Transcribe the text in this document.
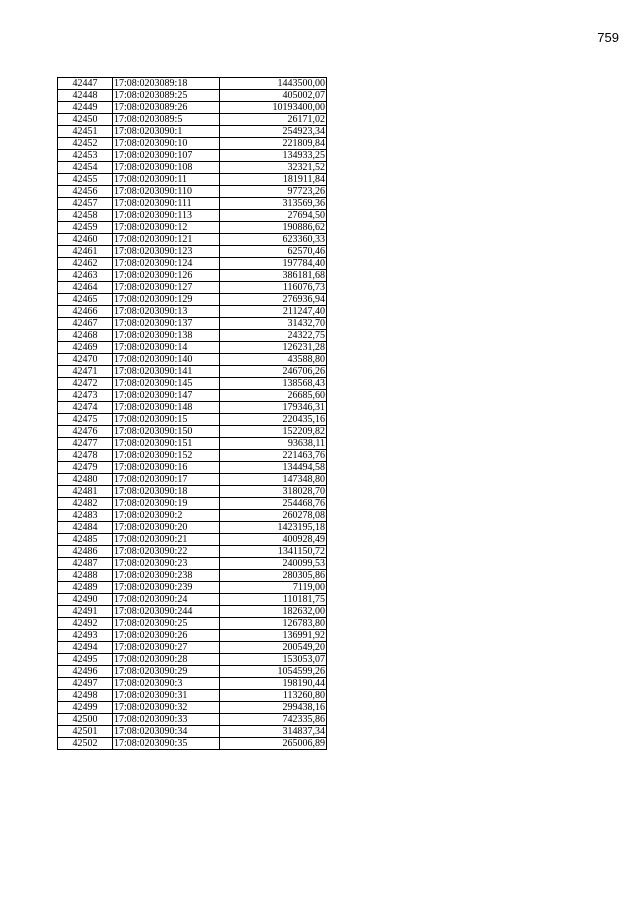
759
42447	17:08:0203089:18	1443500,00
42448	17:08:0203089:25	405002,07
42449	17:08:0203089:26	10193400,00
42450	17:08:0203089:5	26171,02
42451	17:08:0203090:1	254923,34
42452	17:08:0203090:10	221809,84
42453	17:08:0203090:107	134933,25
42454	17:08:0203090:108	32321,52
42455	17:08:0203090:11	181911,84
42456	17:08:0203090:110	97723,26
42457	17:08:0203090:111	313569,36
42458	17:08:0203090:113	27694,50
42459	17:08:0203090:12	190886,62
42460	17:08:0203090:121	623360,33
42461	17:08:0203090:123	62570,46
42462	17:08:0203090:124	197784,40
42463	17:08:0203090:126	386181,68
42464	17:08:0203090:127	116076,73
42465	17:08:0203090:129	276936,94
42466	17:08:0203090:13	211247,40
42467	17:08:0203090:137	31432,70
42468	17:08:0203090:138	24322,75
42469	17:08:0203090:14	126231,28
42470	17:08:0203090:140	43588,80
42471	17:08:0203090:141	246706,26
42472	17:08:0203090:145	138568,43
42473	17:08:0203090:147	26685,60
42474	17:08:0203090:148	179346,31
42475	17:08:0203090:15	220435,16
42476	17:08:0203090:150	152209,82
42477	17:08:0203090:151	93638,11
42478	17:08:0203090:152	221463,76
42479	17:08:0203090:16	134494,58
42480	17:08:0203090:17	147348,80
42481	17:08:0203090:18	318028,70
42482	17:08:0203090:19	254468,76
42483	17:08:0203090:2	260278,08
42484	17:08:0203090:20	1423195,18
42485	17:08:0203090:21	400928,49
42486	17:08:0203090:22	1341150,72
42487	17:08:0203090:23	240099,53
42488	17:08:0203090:238	280305,86
42489	17:08:0203090:239	7119,00
42490	17:08:0203090:24	110181,75
42491	17:08:0203090:244	182632,00
42492	17:08:0203090:25	126783,80
42493	17:08:0203090:26	136991,92
42494	17:08:0203090:27	200549,20
42495	17:08:0203090:28	153053,07
42496	17:08:0203090:29	1054599,26
42497	17:08:0203090:3	198190,44
42498	17:08:0203090:31	113260,80
42499	17:08:0203090:32	299438,16
42500	17:08:0203090:33	742335,86
42501	17:08:0203090:34	314837,34
42502	17:08:0203090:35	265006,89
